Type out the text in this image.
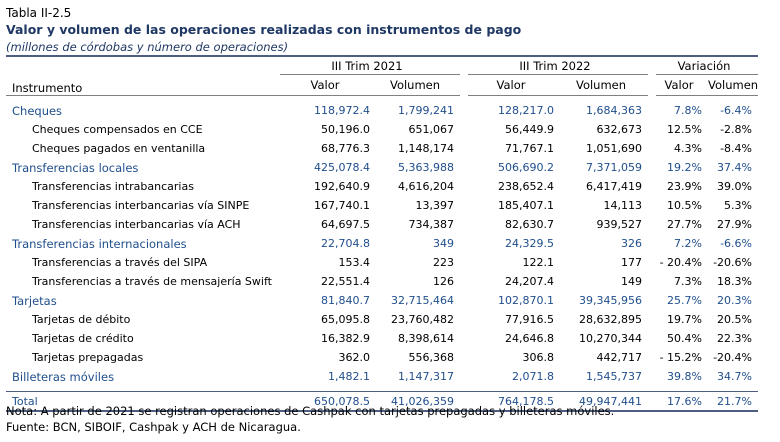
Tabla II-2.5
Valor y volumen de las operaciones realizadas con instrumentos de pago
(millones de córdobas y número de operaciones)
Instrumento	III Trim 2021			III Trim 2022			Variación	
	Valor	Volumen		Valor	Volumen		Valor	Volumen

Cheques	118,972.4	1,799,241		128,217.0	1,684,363		7.8%	-6.4%
Cheques compensados en CCE	50,196.0	651,067		56,449.9	632,673		12.5%	-2.8%
Cheques pagados en ventanilla	68,776.3	1,148,174		71,767.1	1,051,690		4.3%	-8.4%
Transferencias locales	425,078.4	5,363,988		506,690.2	7,371,059		19.2%	37.4%
Transferencias intrabancarias	192,640.9	4,616,204		238,652.4	6,417,419		23.9%	39.0%
Transferencias interbancarias vía SINPE	167,740.1	13,397		185,407.1	14,113		10.5%	5.3%
Transferencias interbancarias vía ACH	64,697.5	734,387		82,630.7	939,527		27.7%	27.9%
Transferencias internacionales	22,704.8	349		24,329.5	326		7.2%	-6.6%
Transferencias a través del SIPA	153.4	223		122.1	177		- 20.4%	-20.6%
Transferencias a través de mensajería Swift	22,551.4	126		24,207.4	149		7.3%	18.3%
Tarjetas	81,840.7	32,715,464		102,870.1	39,345,956		25.7%	20.3%
Tarjetas de débito	65,095.8	23,760,482		77,916.5	28,632,895		19.7%	20.5%
Tarjetas de crédito	16,382.9	8,398,614		24,646.8	10,270,344		50.4%	22.3%
Tarjetas prepagadas	362.0	556,368		306.8	442,717		- 15.2%	-20.4%
Billeteras móviles	1,482.1	1,147,317		2,071.8	1,545,737		39.8%	34.7%

Total	650,078.5	41,026,359		764,178.5	49,947,441		17.6%	21.7%
Nota: A partir de 2021 se registran operaciones de Cashpak con tarjetas prepagadas y billeteras móviles.
Fuente: BCN, SIBOIF, Cashpak y ACH de Nicaragua.
